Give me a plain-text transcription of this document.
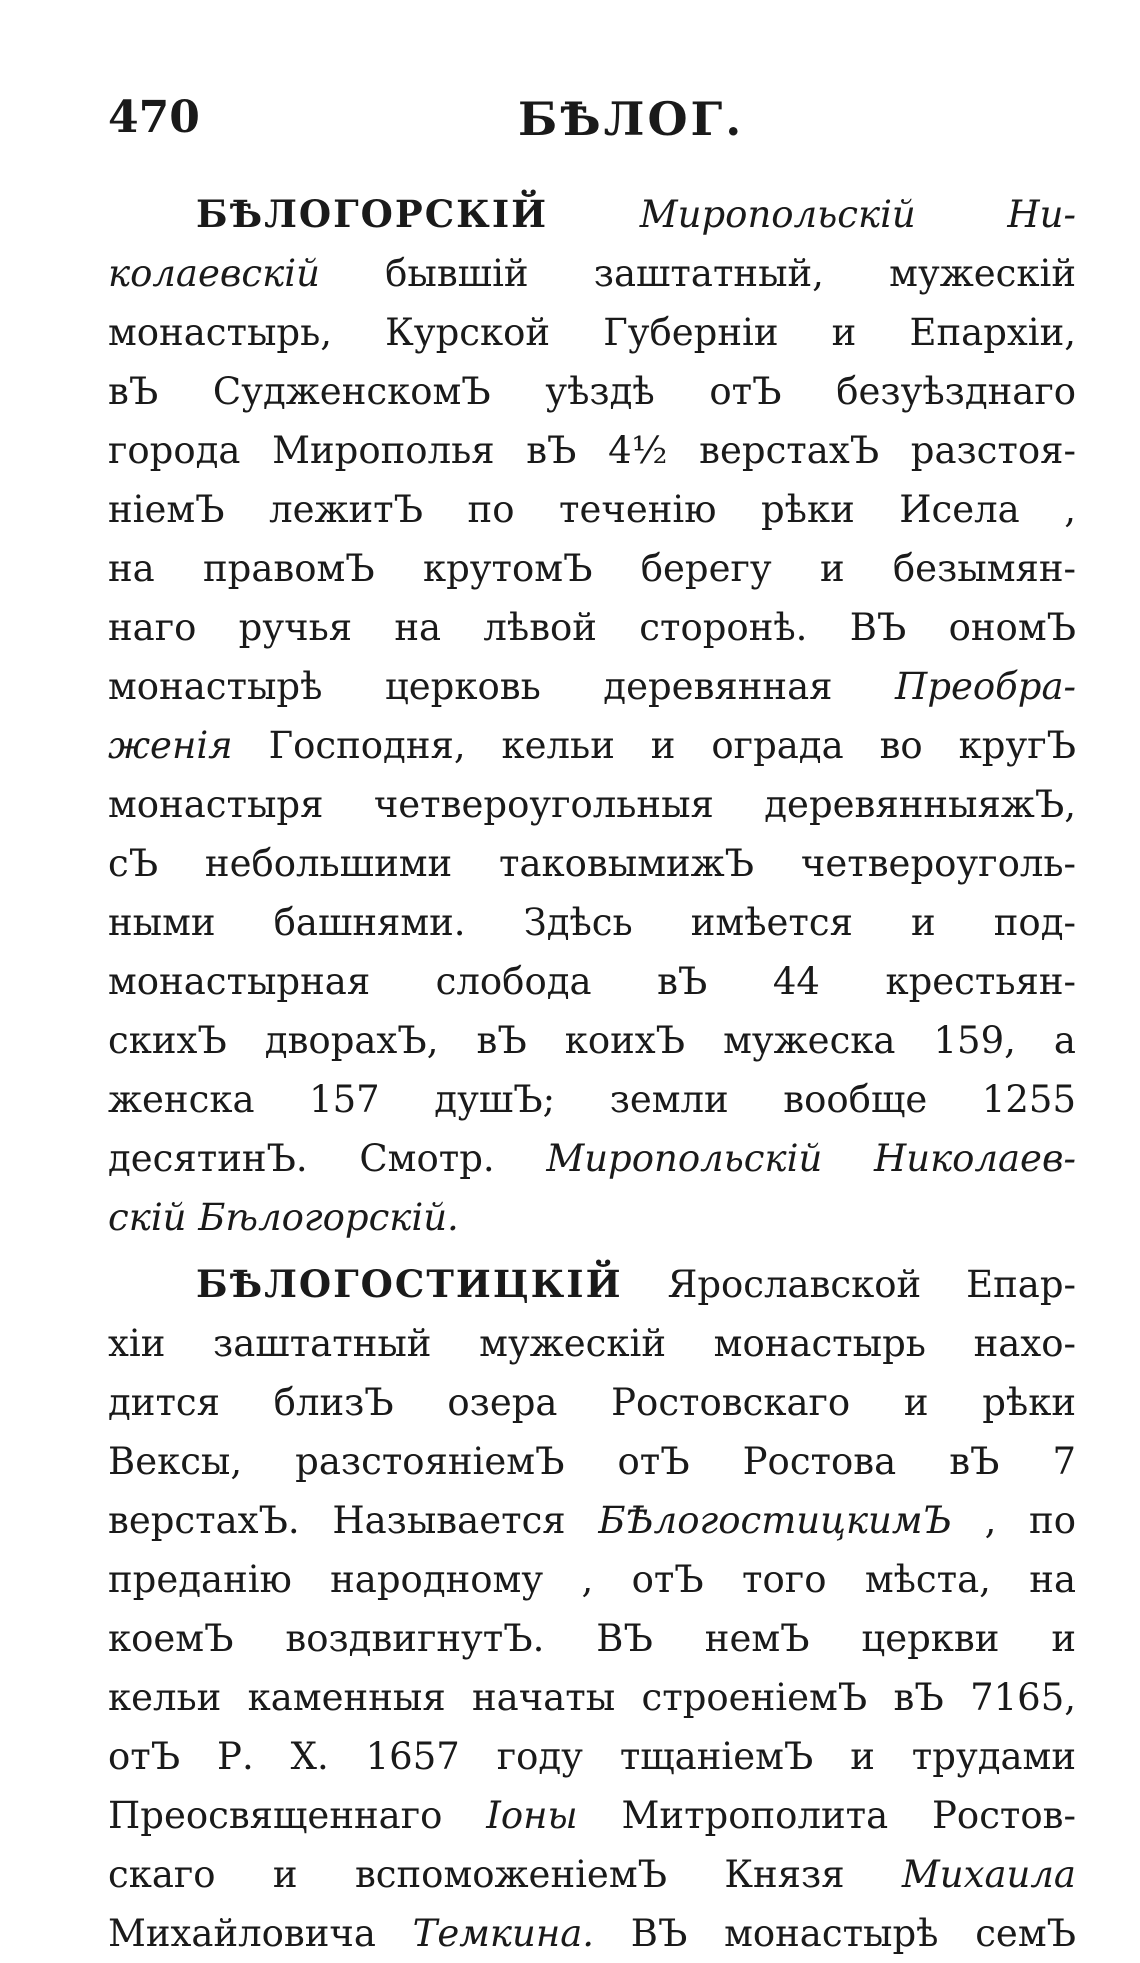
470	БѢЛОГ.
БѢЛОГОРСКІЙ Миропольскій Ни-
колаевскій бывшій заштатный, мужескій
монастырь, Курской Губерніи и Епархіи,
вЪ СудженскомЪ уѣздѣ отЪ безуѣзднаго
города Мирополья вЪ 4½ верстахЪ разстоя-
ніемЪ лежитЪ по теченію рѣки Исела ,
на правомЪ крутомЪ берегу и безымян-
наго ручья на лѣвой сторонѣ. ВЪ ономЪ
монастырѣ церковь деревянная Преобра-
женія Господня, кельи и ограда во кругЪ
монастыря четвероугольныя деревянныяжЪ,
сЪ небольшими таковымижЪ четвероуголь-
ными башнями. Здѣсь имѣется и под-
монастырная слобода вЪ 44 крестьян-
скихЪ дворахЪ, вЪ коихЪ мужеска 159, а
женска 157 душЪ; земли вообще 1255
десятинЪ. Смотр. Миропольскій Николаев-
скій Бѣлогорскій.
БѢЛОГОСТИЦКІЙ Ярославской Епар-
хіи заштатный мужескій монастырь нахо-
дится близЪ озера Ростовскаго и рѣки
Вексы, разстояніемЪ отЪ Ростова вЪ 7
верстахЪ. Называется БѢлогостицкимЪ , по
преданію народному , отЪ того мѣста, на
коемЪ воздвигнутЪ. ВЪ немЪ церкви и
кельи каменныя начаты строеніемЪ вЪ 7165,
отЪ Р. Х. 1657 году тщаніемЪ и трудами
Преосвященнаго Іоны Митрополита Ростов-
скаго и вспоможеніемЪ Князя Михаила
Михайловича Темкина. ВЪ монастырѣ семЪ
